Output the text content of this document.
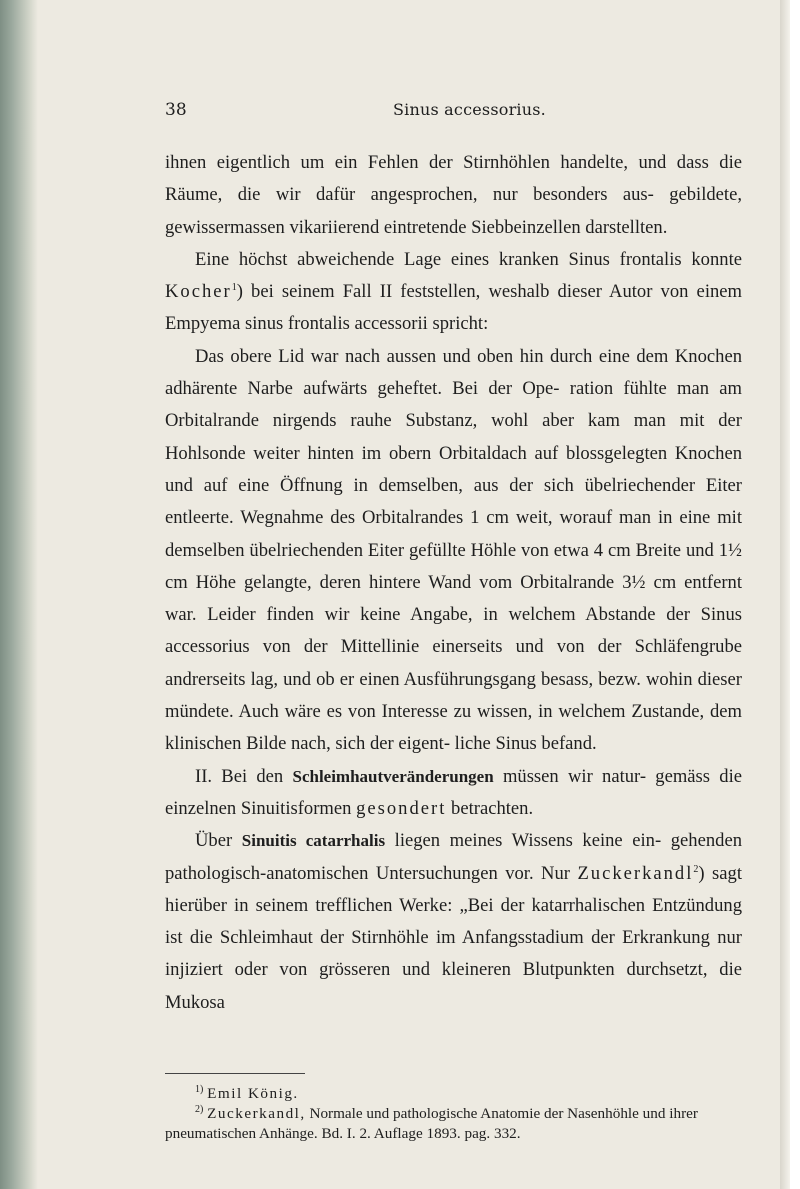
38	Sinus accessorius.

ihnen eigentlich um ein Fehlen der Stirnhöhlen handelte, und dass die Räume, die wir dafür angesprochen, nur besonders aus- gebildete, gewissermassen vikariierend eintretende Siebbeinzellen darstellten.

Eine höchst abweichende Lage eines kranken Sinus frontalis konnte Kocher$^1$) bei seinem Fall II feststellen, weshalb dieser Autor von einem Empyema sinus frontalis accessorii spricht:

Das obere Lid war nach aussen und oben hin durch eine dem Knochen adhärente Narbe aufwärts geheftet. Bei der Ope- ration fühlte man am Orbitalrande nirgends rauhe Substanz, wohl aber kam man mit der Hohlsonde weiter hinten im obern Orbitaldach auf blossgelegten Knochen und auf eine Öffnung in demselben, aus der sich übelriechender Eiter entleerte. Wegnahme des Orbitalrandes 1 cm weit, worauf man in eine mit demselben übelriechenden Eiter gefüllte Höhle von etwa 4 cm Breite und 1½ cm Höhe gelangte, deren hintere Wand vom Orbitalrande 3½ cm entfernt war. Leider finden wir keine Angabe, in welchem Abstande der Sinus accessorius von der Mittellinie einerseits und von der Schläfengrube andrerseits lag, und ob er einen Ausführungsgang besass, bezw. wohin dieser mündete. Auch wäre es von Interesse zu wissen, in welchem Zustande, dem klinischen Bilde nach, sich der eigent- liche Sinus befand.

II. Bei den Schleimhautveränderungen müssen wir natur- gemäss die einzelnen Sinuitisformen gesondert betrachten.

Über Sinuitis catarrhalis liegen meines Wissens keine ein- gehenden pathologisch-anatomischen Untersuchungen vor. Nur Zuckerkandl$^2$) sagt hierüber in seinem trefflichen Werke: „Bei der katarrhalischen Entzündung ist die Schleimhaut der Stirnhöhle im Anfangsstadium der Erkrankung nur injiziert oder von grösseren und kleineren Blutpunkten durchsetzt, die Mukosa

$^{1)}$ Emil König.

$^{2)}$ Zuckerkandl, Normale und pathologische Anatomie der Nasenhöhle und ihrer pneumatischen Anhänge. Bd. I. 2. Auflage 1893. pag. 332.
